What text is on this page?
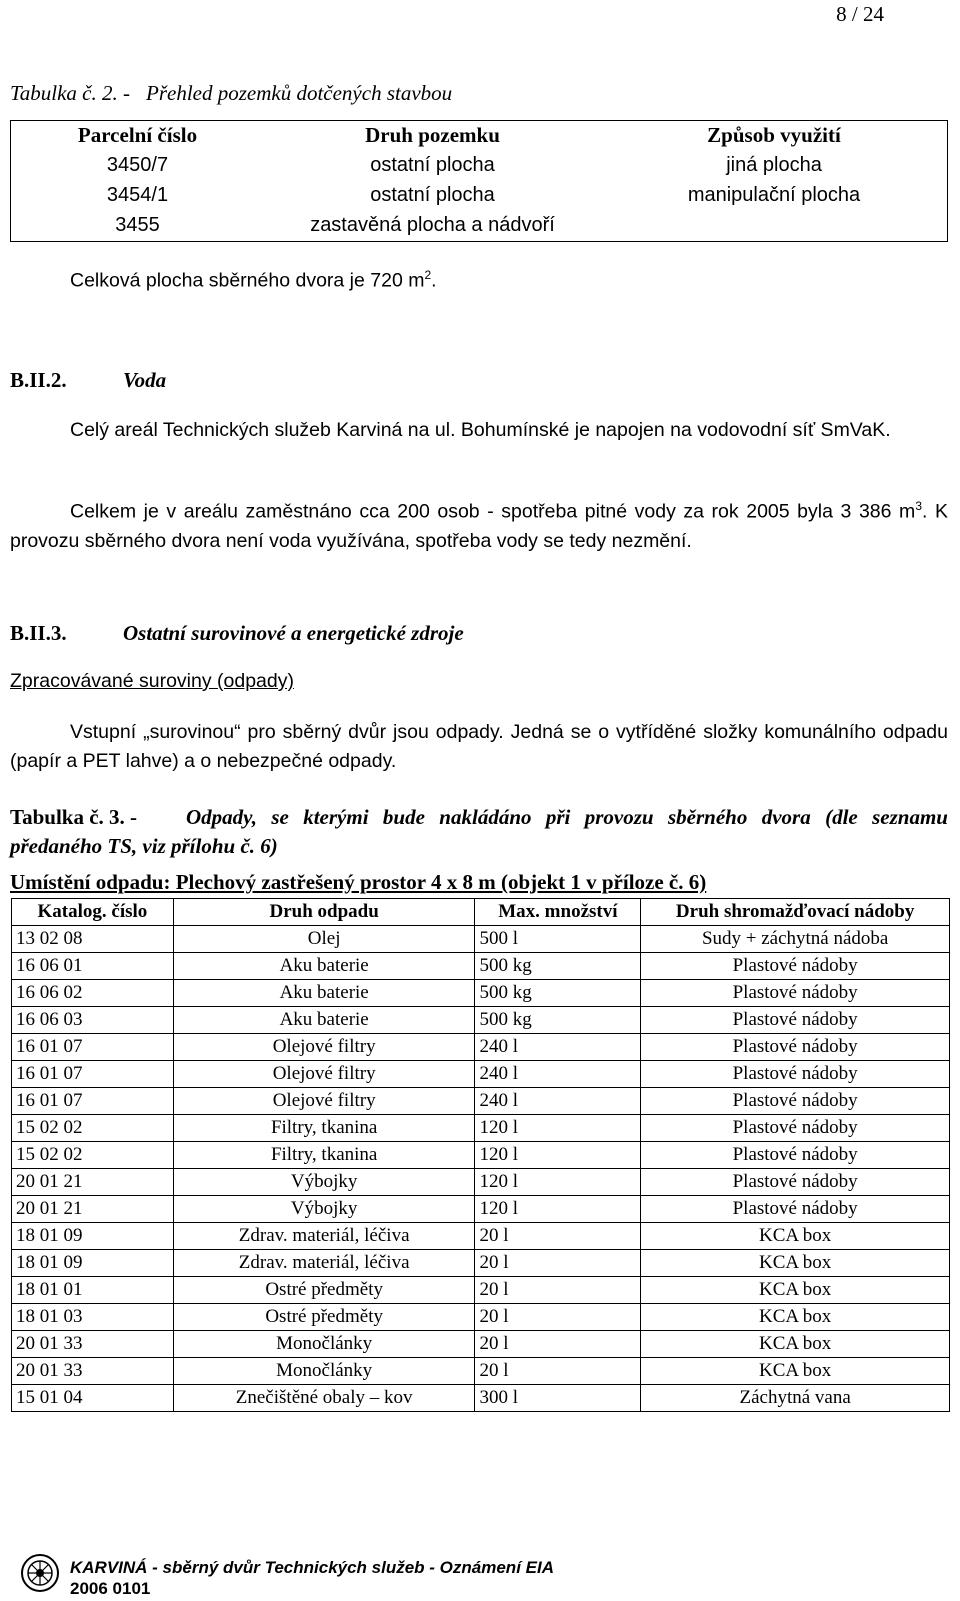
8 / 24
Tabulka č. 2. - Přehled pozemků dotčených stavbou
Parcelní číslo	Druh pozemku	Způsob využití
3450/7	ostatní plocha	jiná plocha
3454/1	ostatní plocha	manipulační plocha
3455	zastavěná plocha a nádvoří	
Celková plocha sběrného dvora je 720 $m^2$.
B.II.2.	Voda
Celý areál Technických služeb Karviná na ul. Bohumínské je napojen na vodovodní síť SmVaK.
Celkem je v areálu zaměstnáno cca 200 osob - spotřeba pitné vody za rok 2005 byla 3 386 $m^3$. K provozu sběrného dvora není voda využívána, spotřeba vody se tedy nezmění.
B.II.3.	Ostatní surovinové a energetické zdroje
Zpracovávané suroviny (odpady)
Vstupní „surovinou“ pro sběrný dvůr jsou odpady. Jedná se o vytříděné složky komunálního odpadu (papír a PET lahve) a o nebezpečné odpady.
Tabulka č. 3. - Odpady, se kterými bude nakládáno při provozu sběrného dvora (dle seznamu předaného TS, viz přílohu č. 6)
Umístění odpadu: Plechový zastřešený prostor 4 x 8 m (objekt 1 v příloze č. 6)
Katalog. číslo	Druh odpadu	Max. množství	Druh shromažďovací nádoby
13 02 08	Olej	500 l	Sudy + záchytná nádoba
16 06 01	Aku baterie	500 kg	Plastové nádoby
16 06 02	Aku baterie	500 kg	Plastové nádoby
16 06 03	Aku baterie	500 kg	Plastové nádoby
16 01 07	Olejové filtry	240 l	Plastové nádoby
16 01 07	Olejové filtry	240 l	Plastové nádoby
16 01 07	Olejové filtry	240 l	Plastové nádoby
15 02 02	Filtry, tkanina	120 l	Plastové nádoby
15 02 02	Filtry, tkanina	120 l	Plastové nádoby
20 01 21	Výbojky	120 l	Plastové nádoby
20 01 21	Výbojky	120 l	Plastové nádoby
18 01 09	Zdrav. materiál, léčiva	20 l	KCA box
18 01 09	Zdrav. materiál, léčiva	20 l	KCA box
18 01 01	Ostré předměty	20 l	KCA box
18 01 03	Ostré předměty	20 l	KCA box
20 01 33	Monočlánky	20 l	KCA box
20 01 33	Monočlánky	20 l	KCA box
15 01 04	Znečištěné obaly – kov	300 l	Záchytná vana
KARVINÁ - sběrný dvůr Technických služeb - Oznámení EIA
2006 0101
